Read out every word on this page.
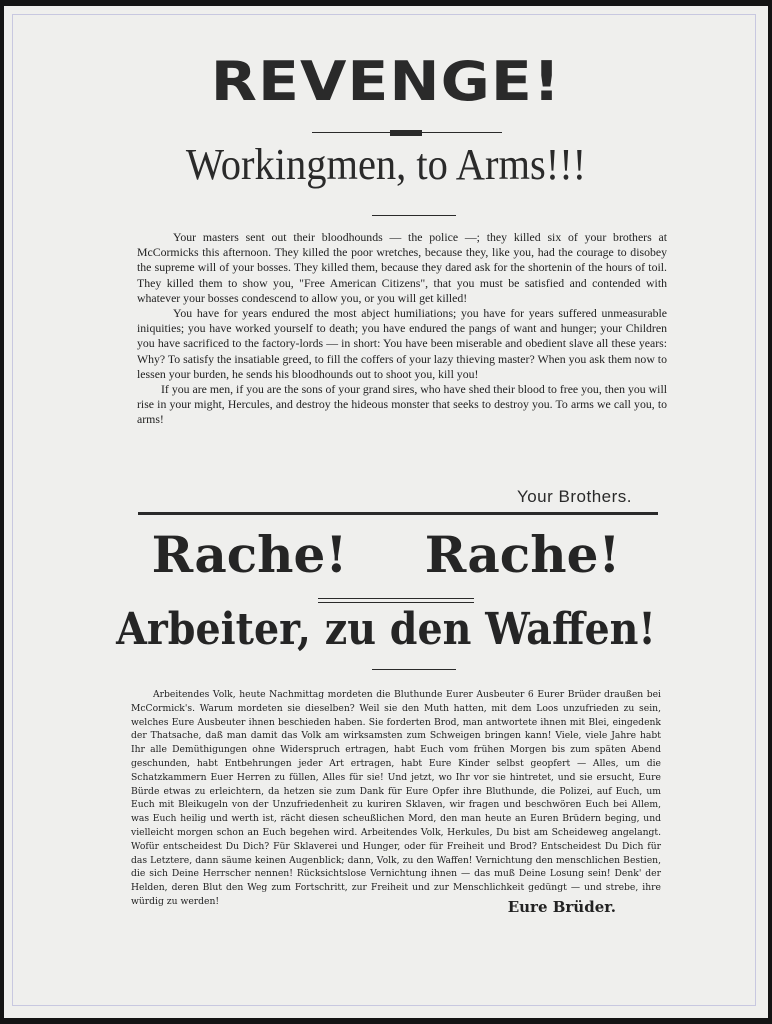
REVENGE!
Workingmen, to Arms!!!

Your masters sent out their bloodhounds — the police —; they killed six of your brothers at McCormicks this afternoon. They killed the poor wretches, because they, like you, had the courage to disobey the supreme will of your bosses. They killed them, because they dared ask for the shortenin of the hours of toil. They killed them to show you, "Free American Citizens", that you must be satisfied and contended with whatever your bosses condescend to allow you, or you will get killed!

You have for years endured the most abject humiliations; you have for years suffered unmeasurable iniquities; you have worked yourself to death; you have endured the pangs of want and hunger; your Children you have sacrificed to the factory-lords — in short: You have been miserable and obedient slave all these years: Why? To satisfy the insatiable greed, to fill the coffers of your lazy thieving master? When you ask them now to lessen your burden, he sends his bloodhounds out to shoot you, kill you!

If you are men, if you are the sons of your grand sires, who have shed their blood to free you, then you will rise in your might, Hercules, and destroy the hideous monster that seeks to destroy you. To arms we call you, to arms!

Your Brothers.
Rache! Rache!
Arbeiter, zu den Waffen!

Arbeitendes Volk, heute Nachmittag mordeten die Bluthunde Eurer Ausbeuter 6 Eurer Brüder draußen bei McCormick's. Warum mordeten sie dieselben? Weil sie den Muth hatten, mit dem Loos unzufrieden zu sein, welches Eure Ausbeuter ihnen beschieden haben. Sie forderten Brod, man antwortete ihnen mit Blei, eingedenk der Thatsache, daß man damit das Volk am wirksamsten zum Schweigen bringen kann! Viele, viele Jahre habt Ihr alle Demüthigungen ohne Widerspruch ertragen, habt Euch vom frühen Morgen bis zum späten Abend geschunden, habt Entbehrungen jeder Art ertragen, habt Eure Kinder selbst geopfert — Alles, um die Schatzkammern Euer Herren zu füllen, Alles für sie! Und jetzt, wo Ihr vor sie hintretet, und sie ersucht, Eure Bürde etwas zu erleichtern, da hetzen sie zum Dank für Eure Opfer ihre Bluthunde, die Polizei, auf Euch, um Euch mit Bleikugeln von der Unzufriedenheit zu kuriren Sklaven, wir fragen und beschwören Euch bei Allem, was Euch heilig und werth ist, rächt diesen scheußlichen Mord, den man heute an Euren Brüdern beging, und vielleicht morgen schon an Euch begehen wird. Arbeitendes Volk, Herkules, Du bist am Scheideweg angelangt. Wofür entscheidest Du Dich? Für Sklaverei und Hunger, oder für Freiheit und Brod? Entscheidest Du Dich für das Letztere, dann säume keinen Augenblick; dann, Volk, zu den Waffen! Vernichtung den menschlichen Bestien, die sich Deine Herrscher nennen! Rücksichtslose Vernichtung ihnen — das muß Deine Losung sein! Denk' der Helden, deren Blut den Weg zum Fortschritt, zur Freiheit und zur Menschlichkeit gedüngt — und strebe, ihre würdig zu werden!	Eure Brüder.
